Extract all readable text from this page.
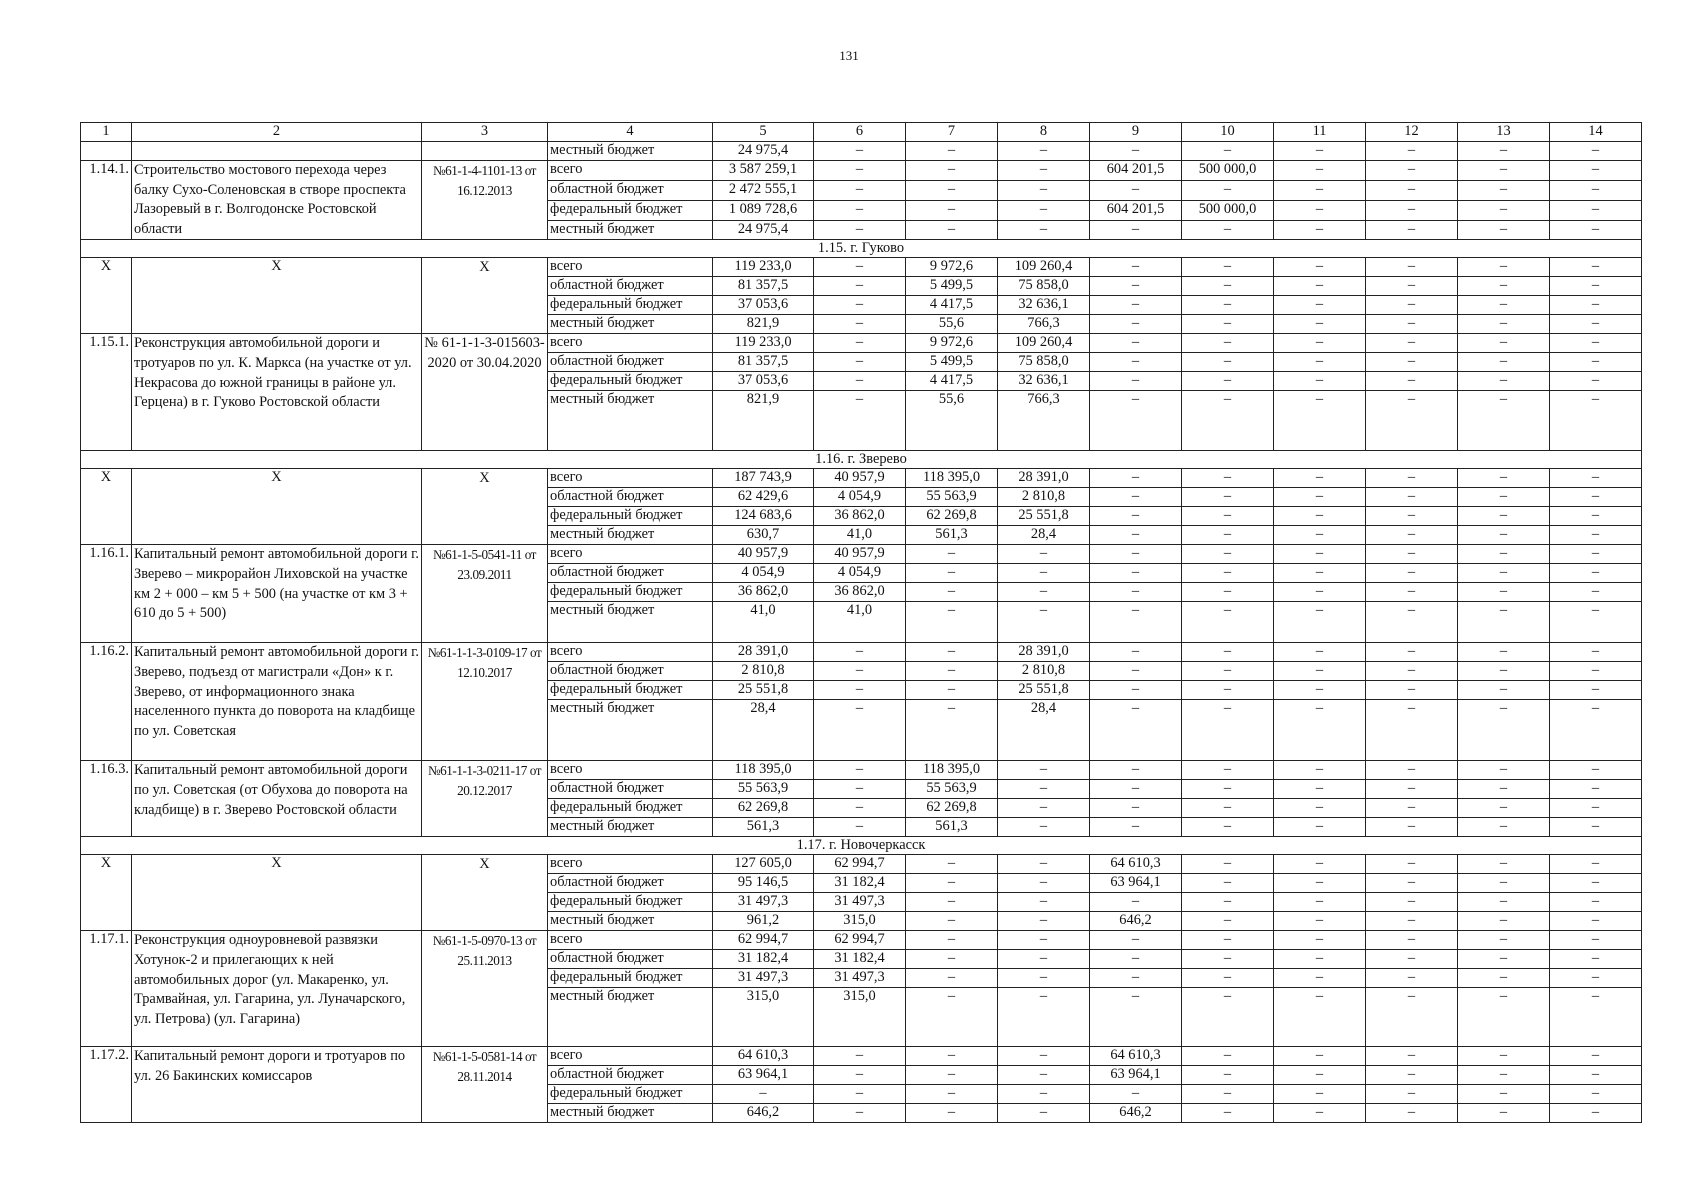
131
1	2	3	4	5	6	7	8	9	10	11	12	13	14
			местный бюджет	24 975,4	–	–	–	–	–	–	–	–	–
1.14.1.	Строительство мостового перехода через балку Сухо-Соленовская в створе проспекта Лазоревый в г. Волгодонске Ростовской области	№61-1-4-1101-13 от 16.12.2013	всего	3 587 259,1	–	–	–	604 201,5	500 000,0	–	–	–	–
			областной бюджет	2 472 555,1	–	–	–	–	–	–	–	–	–
			федеральный бюджет	1 089 728,6	–	–	–	604 201,5	500 000,0	–	–	–	–
			местный бюджет	24 975,4	–	–	–	–	–	–	–	–	–
1.15. г. Гуково													
Х	Х	Х	всего	119 233,0	–	9 972,6	109 260,4	–	–	–	–	–	–
			областной бюджет	81 357,5	–	5 499,5	75 858,0	–	–	–	–	–	–
			федеральный бюджет	37 053,6	–	4 417,5	32 636,1	–	–	–	–	–	–
			местный бюджет	821,9	–	55,6	766,3	–	–	–	–	–	–
1.15.1.	Реконструкция автомобильной дороги и тротуаров по ул. К. Маркса (на участке от ул. Некрасова до южной границы в районе ул. Герцена) в г. Гуково Ростовской области	№ 61-1-1-3-015603-2020 от 30.04.2020	всего	119 233,0	–	9 972,6	109 260,4	–	–	–	–	–	–
			областной бюджет	81 357,5	–	5 499,5	75 858,0	–	–	–	–	–	–
			федеральный бюджет	37 053,6	–	4 417,5	32 636,1	–	–	–	–	–	–
			местный бюджет	821,9	–	55,6	766,3	–	–	–	–	–	–
1.16. г. Зверево													
Х	Х	Х	всего	187 743,9	40 957,9	118 395,0	28 391,0	–	–	–	–	–	–
			областной бюджет	62 429,6	4 054,9	55 563,9	2 810,8	–	–	–	–	–	–
			федеральный бюджет	124 683,6	36 862,0	62 269,8	25 551,8	–	–	–	–	–	–
			местный бюджет	630,7	41,0	561,3	28,4	–	–	–	–	–	–
1.16.1.	Капитальный ремонт автомобильной дороги г. Зверево – микрорайон Лиховской на участке км 2 + 000 – км 5 + 500 (на участке от км 3 + 610 до 5 + 500)	№61-1-5-0541-11 от 23.09.2011	всего	40 957,9	40 957,9	–	–	–	–	–	–	–	–
			областной бюджет	4 054,9	4 054,9	–	–	–	–	–	–	–	–
			федеральный бюджет	36 862,0	36 862,0	–	–	–	–	–	–	–	–
			местный бюджет	41,0	41,0	–	–	–	–	–	–	–	–
1.16.2.	Капитальный ремонт автомобильной дороги г. Зверево, подъезд от магистрали «Дон» к г. Зверево, от информационного знака населенного пункта до поворота на кладбище по ул. Советская	№61-1-1-3-0109-17 от 12.10.2017	всего	28 391,0	–	–	28 391,0	–	–	–	–	–	–
			областной бюджет	2 810,8	–	–	2 810,8	–	–	–	–	–	–
			федеральный бюджет	25 551,8	–	–	25 551,8	–	–	–	–	–	–
			местный бюджет	28,4	–	–	28,4	–	–	–	–	–	–
1.16.3.	Капитальный ремонт автомобильной дороги по ул. Советская (от Обухова до поворота на кладбище) в г. Зверево Ростовской области	№61-1-1-3-0211-17 от 20.12.2017	всего	118 395,0	–	118 395,0	–	–	–	–	–	–	–
			областной бюджет	55 563,9	–	55 563,9	–	–	–	–	–	–	–
			федеральный бюджет	62 269,8	–	62 269,8	–	–	–	–	–	–	–
			местный бюджет	561,3	–	561,3	–	–	–	–	–	–	–
1.17. г. Новочеркасск													
Х	Х	Х	всего	127 605,0	62 994,7	–	–	64 610,3	–	–	–	–	–
			областной бюджет	95 146,5	31 182,4	–	–	63 964,1	–	–	–	–	–
			федеральный бюджет	31 497,3	31 497,3	–	–	–	–	–	–	–	–
			местный бюджет	961,2	315,0	–	–	646,2	–	–	–	–	–
1.17.1.	Реконструкция одноуровневой развязки Хотунок-2 и прилегающих к ней автомобильных дорог (ул. Макаренко, ул. Трамвайная, ул. Гагарина, ул. Луначарского, ул. Петрова) (ул. Гагарина)	№61-1-5-0970-13 от 25.11.2013	всего	62 994,7	62 994,7	–	–	–	–	–	–	–	–
			областной бюджет	31 182,4	31 182,4	–	–	–	–	–	–	–	–
			федеральный бюджет	31 497,3	31 497,3	–	–	–	–	–	–	–	–
			местный бюджет	315,0	315,0	–	–	–	–	–	–	–	–
1.17.2.	Капитальный ремонт дороги и тротуаров по ул. 26 Бакинских комиссаров	№61-1-5-0581-14 от 28.11.2014	всего	64 610,3	–	–	–	64 610,3	–	–	–	–	–
			областной бюджет	63 964,1	–	–	–	63 964,1	–	–	–	–	–
			федеральный бюджет	–	–	–	–	–	–	–	–	–	–
			местный бюджет	646,2	–	–	–	646,2	–	–	–	–	–
